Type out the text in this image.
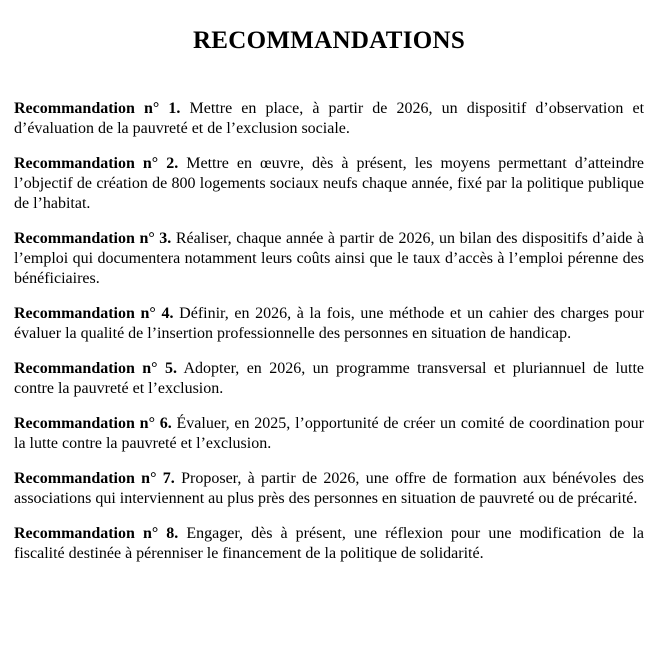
RECOMMANDATIONS

Recommandation n° 1. Mettre en place, à partir de 2026, un dispositif d’observation et d’évaluation de la pauvreté et de l’exclusion sociale.

Recommandation n° 2. Mettre en œuvre, dès à présent, les moyens permettant d’atteindre l’objectif de création de 800 logements sociaux neufs chaque année, fixé par la politique publique de l’habitat.

Recommandation n° 3. Réaliser, chaque année à partir de 2026, un bilan des dispositifs d’aide à l’emploi qui documentera notamment leurs coûts ainsi que le taux d’accès à l’emploi pérenne des bénéficiaires.

Recommandation n° 4. Définir, en 2026, à la fois, une méthode et un cahier des charges pour évaluer la qualité de l’insertion professionnelle des personnes en situation de handicap.

Recommandation n° 5. Adopter, en 2026, un programme transversal et pluriannuel de lutte contre la pauvreté et l’exclusion.

Recommandation n° 6. Évaluer, en 2025, l’opportunité de créer un comité de coordination pour la lutte contre la pauvreté et l’exclusion.

Recommandation n° 7. Proposer, à partir de 2026, une offre de formation aux bénévoles des associations qui interviennent au plus près des personnes en situation de pauvreté ou de précarité.

Recommandation n° 8. Engager, dès à présent, une réflexion pour une modification de la fiscalité destinée à pérenniser le financement de la politique de solidarité.
